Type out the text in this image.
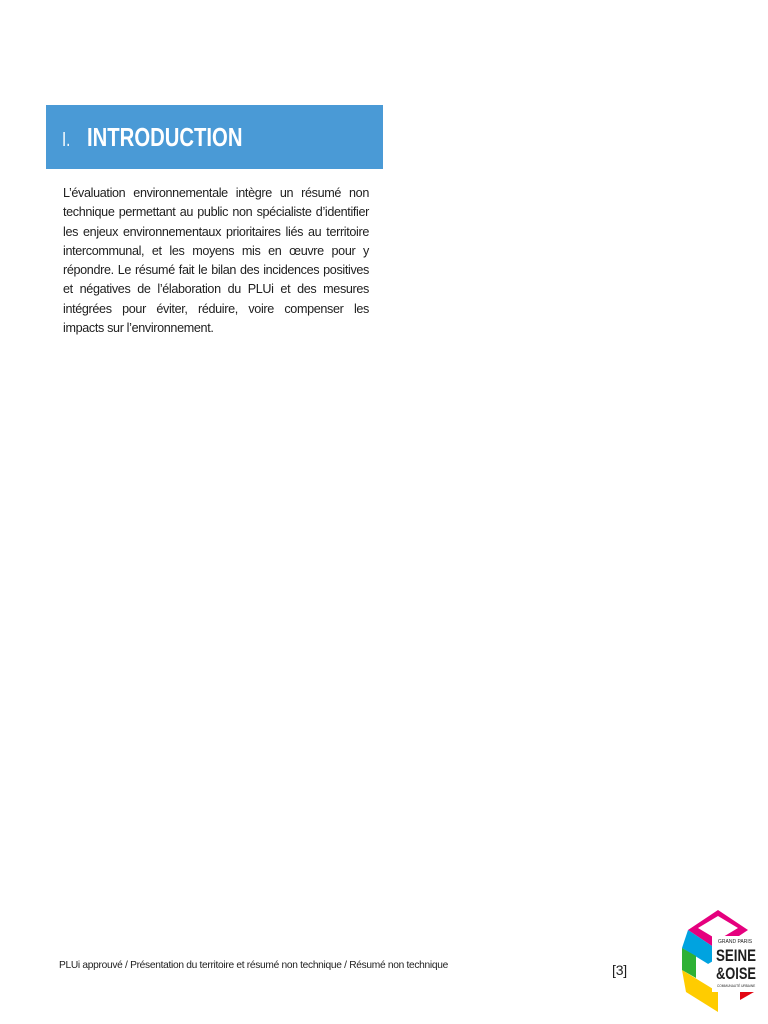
I. INTRODUCTION
L’évaluation environnementale intègre un résumé non technique permettant au public non spécialiste d’identifier les enjeux environnementaux prioritaires liés au territoire intercommunal, et les moyens mis en œuvre pour y répondre. Le résumé fait le bilan des incidences positives et négatives de l’élaboration du PLUi et des mesures intégrées pour éviter, réduire, voire compenser les impacts sur l’environnement.
PLUi approuvé / Présentation du territoire et résumé non technique / Résumé non technique	[3]
GRAND PARIS
SEINE
&OISE
COMMUNAUTÉ URBAINE
